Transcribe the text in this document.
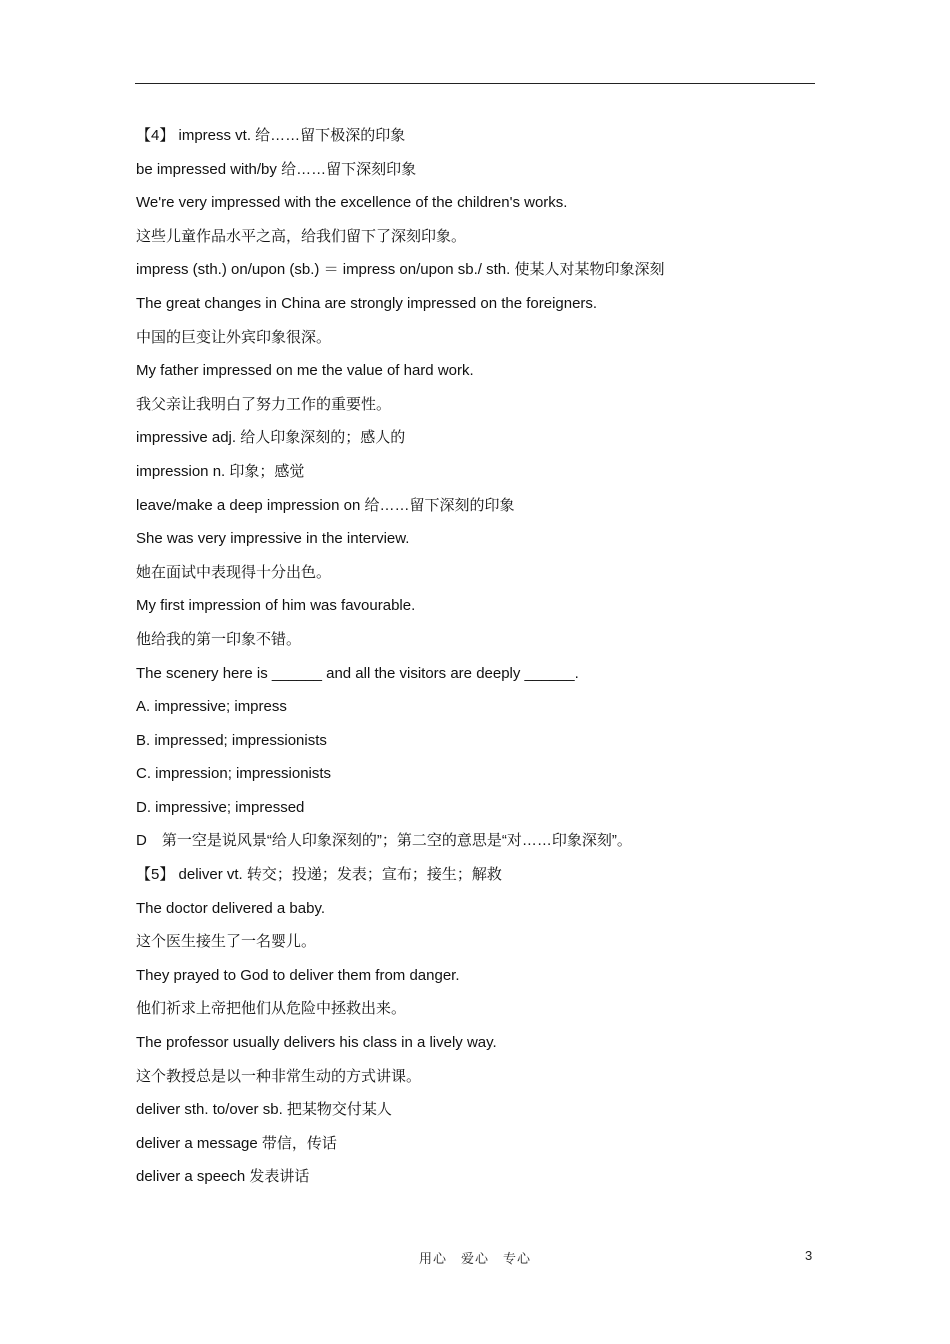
【4】 impress vt. 给……留下极深的印象
be impressed with/by 给……留下深刻印象
We're very impressed with the excellence of the children's works.
这些儿童作品水平之高，给我们留下了深刻印象。
impress (sth.) on/upon (sb.) ＝ impress on/upon sb./ sth. 使某人对某物印象深刻
The great changes in China are strongly impressed on the foreigners.
中国的巨变让外宾印象很深。
My father impressed on me the value of hard work.
我父亲让我明白了努力工作的重要性。
impressive adj. 给人印象深刻的；感人的
impression n. 印象；感觉
leave/make a deep impression on 给……留下深刻的印象
She was very impressive in the interview.
她在面试中表现得十分出色。
My first impression of him was favourable.
他给我的第一印象不错。
The scenery here is ______ and all the visitors are deeply ______.
A. impressive; impress
B. impressed; impressionists
C. impression; impressionists
D. impressive; impressed
D　第一空是说风景“给人印象深刻的”；第二空的意思是“对……印象深刻”。
【5】 deliver vt. 转交；投递；发表；宣布；接生；解救
The doctor delivered a baby.
这个医生接生了一名婴儿。
They prayed to God to deliver them from danger.
他们祈求上帝把他们从危险中拯救出来。
The professor usually delivers his class in a lively way.
这个教授总是以一种非常生动的方式讲课。
deliver sth. to/over sb. 把某物交付某人
deliver a message 带信，传话
deliver a speech 发表讲话
用心　爱心　专心	3
